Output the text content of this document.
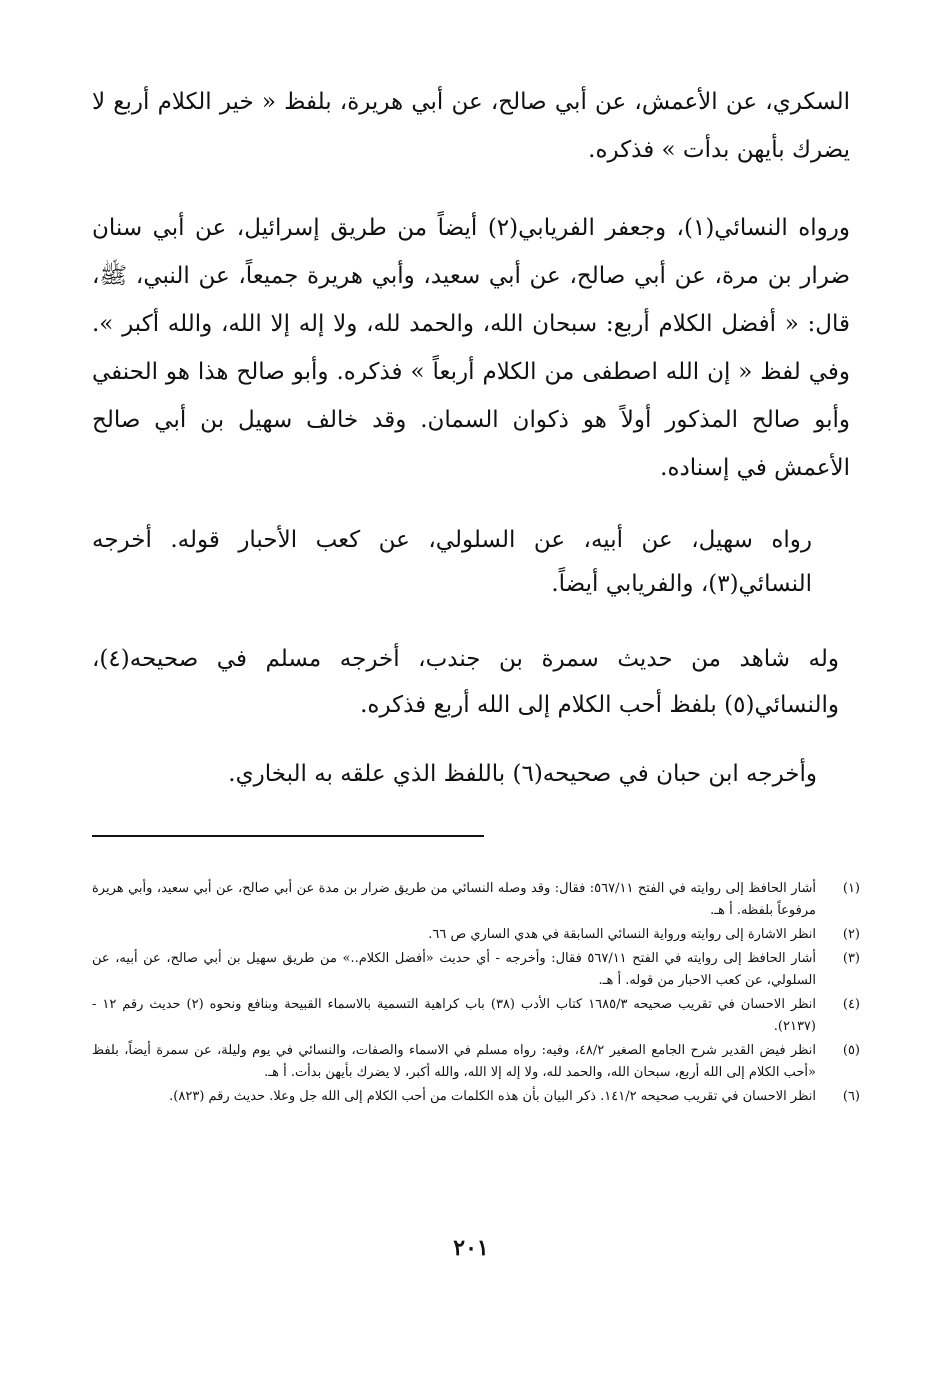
السكري، عن الأعمش، عن أبي صالح، عن أبي هريرة، بلفظ « خير الكلام أربع لا يضرك بأيهن بدأت » فذكره.

ورواه النسائي(١)، وجعفر الفريابي(٢) أيضاً من طريق إسرائيل، عن أبي سنان ضرار بن مرة، عن أبي صالح، عن أبي سعيد، وأبي هريرة جميعاً، عن النبي، ﷺ، قال: « أفضل الكلام أربع: سبحان الله، والحمد لله، ولا إله إلا الله، والله أكبر ». وفي لفظ « إن الله اصطفى من الكلام أربعاً » فذكره. وأبو صالح هذا هو الحنفي وأبو صالح المذكور أولاً هو ذكوان السمان. وقد خالف سهيل بن أبي صالح الأعمش في إسناده.

رواه سهيل، عن أبيه، عن السلولي، عن كعب الأحبار قوله. أخرجه النسائي(٣)، والفريابي أيضاً.

وله شاهد من حديث سمرة بن جندب، أخرجه مسلم في صحيحه(٤)، والنسائي(٥) بلفظ أحب الكلام إلى الله أربع فذكره.

وأخرجه ابن حبان في صحيحه(٦) باللفظ الذي علقه به البخاري.

(١)
أشار الحافظ إلى روايته في الفتح ٥٦٧/١١: فقال: وقد وصله النسائي من طريق ضرار بن مدة عن أبي صالح، عن أبي سعيد، وأبي هريرة مرفوعاً بلفظه. أ هـ.
(٢)
انظر الاشارة إلى روايته ورواية النسائي السابقة في هدي الساري ص ٦٦.
(٣)
أشار الحافظ إلى روايته في الفتح ٥٦٧/١١ فقال: وأخرجه - أي حديث «أفضل الكلام..» من طريق سهيل بن أبي صالح، عن أبيه، عن السلولي، عن كعب الاحبار من قوله. أ هـ.
(٤)
انظر الاحسان في تقريب صحيحه ١٦٨٥/٣ كتاب الأدب (٣٨) باب كراهية التسمية بالاسماء القبيحة وبنافع ونحوه (٢) حديث رقم ١٢ - (٢١٣٧).
(٥)
انظر فيض القدير شرح الجامع الصغير ٤٨/٢، وفيه: رواه مسلم في الاسماء والصفات، والنسائي في يوم وليلة، عن سمرة أيضاً، بلفظ «أحب الكلام إلى الله أربع، سبحان الله، والحمد لله، ولا إله إلا الله، والله أكبر، لا يضرك بأيهن بدأت. أ هـ.
(٦)
انظر الاحسان في تقريب صحيحه ١٤١/٢. ذكر البيان بأن هذه الكلمات من أحب الكلام إلى الله جل وعلا. حديث رقم (٨٢٣).
٢٠١
